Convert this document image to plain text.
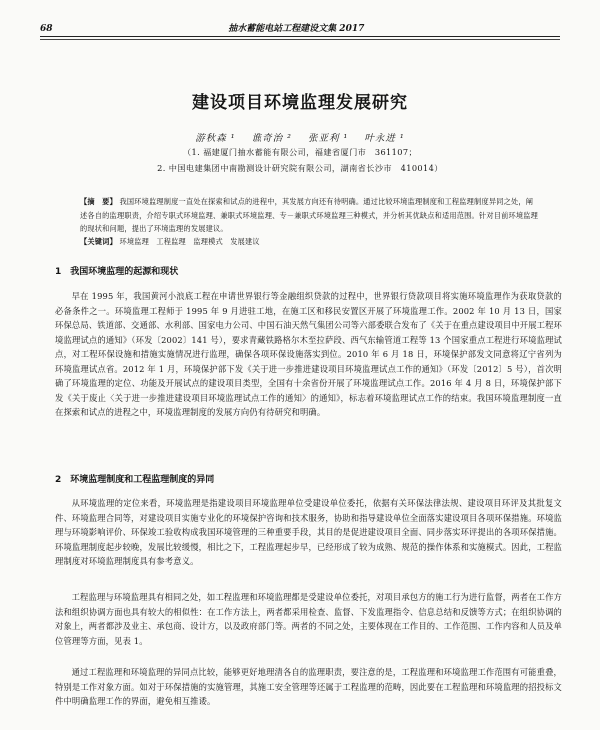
68	抽水蓄能电站工程建设文集 2017
建设项目环境监理发展研究
游秋森 ¹ 谯奇治 ² 张亚利 ¹ 叶永进 ¹
（1. 福建厦门抽水蓄能有限公司，福建省厦门市　361107；
2. 中国电建集团中南勘测设计研究院有限公司，湖南省长沙市　410014）
【摘　要】 我国环境监理制度一直处在探索和试点的进程中，其发展方向还有待明确。通过比较环境监理制度和工程监理制度异同之处，阐述各自的监理职责，介绍专职式环境监理、兼职式环境监理、专－兼职式环境监理三种模式，并分析其优缺点和适用范围。针对目前环境监理的现状和问题，提出了环境监理的发展建议。
【关键词】 环境监理　工程监理　监理模式　发展建议
1　我国环境监理的起源和现状
早在 1995 年，我国黄河小浪底工程在申请世界银行等金融组织贷款的过程中，世界银行贷款项目将实施环境监理作为获取贷款的必备条件之一。环境监理工程师于 1995 年 9 月进驻工地，在施工区和移民安置区开展了环境监理工作。2002 年 10 月 13 日，国家环保总局、铁道部、交通部、水利部、国家电力公司、中国石油天然气集团公司等六部委联合发布了《关于在重点建设项目中开展工程环境监理试点的通知》（环发〔2002〕141 号），要求青藏铁路格尔木至拉萨段、西气东输管道工程等 13 个国家重点工程进行环境监理试点，对工程环保设施和措施实施情况进行监理，确保各项环保设施落实到位。2010 年 6 月 18 日，环境保护部发文同意将辽宁省列为环境监理试点省。2012 年 1 月，环境保护部下发《关于进一步推进建设项目环境监理试点工作的通知》（环发〔2012〕5 号），首次明确了环境监理的定位、功能及开展试点的建设项目类型，全国有十余省份开展了环境监理试点工作。2016 年 4 月 8 日，环境保护部下发《关于废止〈关于进一步推进建设项目环境监理试点工作的通知〉的通知》，标志着环境监理试点工作的结束。我国环境监理制度一直在探索和试点的进程之中，环境监理制度的发展方向仍有待研究和明确。
2　环境监理制度和工程监理制度的异同
从环境监理的定位来看，环境监理是指建设项目环境监理单位受建设单位委托，依据有关环保法律法规、建设项目环评及其批复文件、环境监理合同等，对建设项目实施专业化的环境保护咨询和技术服务，协助和指导建设单位全面落实建设项目各项环保措施。环境监理与环境影响评价、环保竣工验收构成我国环境管理的三种重要手段，其目的是促进建设项目全面、同步落实环评提出的各项环保措施。环境监理制度起步较晚，发展比较缓慢，相比之下，工程监理起步早，已经形成了较为成熟、规范的操作体系和实施模式。因此，工程监理制度对环境监理制度具有参考意义。
工程监理与环境监理具有相同之处，如工程监理和环境监理都是受建设单位委托，对项目承包方的施工行为进行监督，两者在工作方法和组织协调方面也具有较大的相似性：在工作方法上，两者都采用检查、监督、下发监理指令、信息总结和反馈等方式；在组织协调的对象上，两者都涉及业主、承包商、设计方，以及政府部门等。两者的不同之处，主要体现在工作目的、工作范围、工作内容和人员及单位管理等方面，见表 1。
通过工程监理和环境监理的异同点比较，能够更好地理清各自的监理职责，要注意的是，工程监理和环境监理工作范围有可能重叠，特别是工作对象方面。如对于环保措施的实施管理，其施工安全管理等还属于工程监理的范畴，因此要在工程监理和环境监理的招投标文件中明确监理工作的界面，避免相互推诿。
